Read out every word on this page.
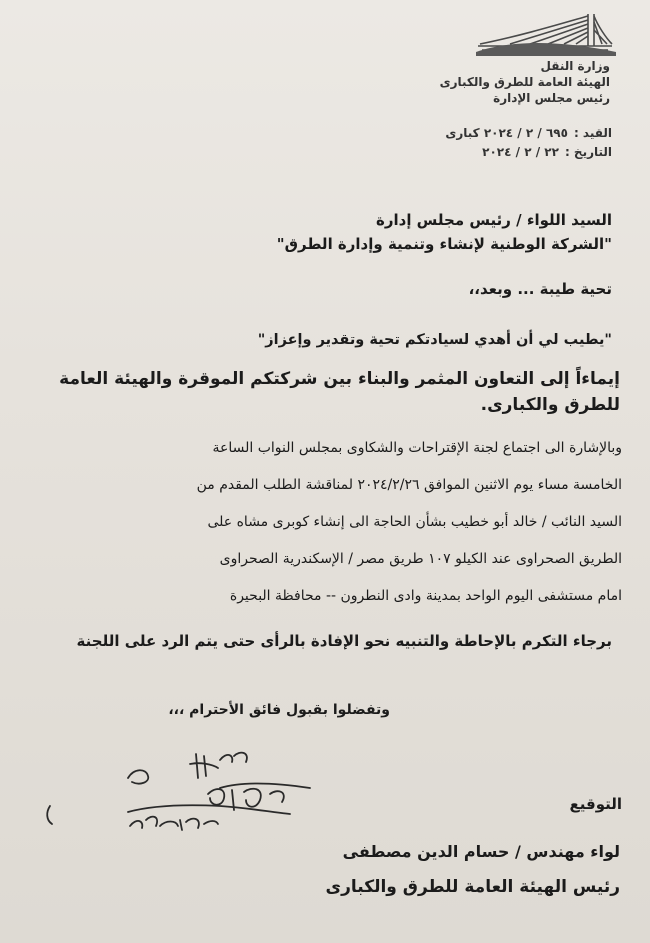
وزارة النقل
الهيئة العامة للطرق والكبارى
رئيس مجلس الإدارة
القيد :
٦٩٥ / ٢ / ٢٠٢٤ كبارى
التاريخ :
٢٢ / ٢ / ٢٠٢٤
السيد اللواء / رئيس مجلس إدارة
"الشركة الوطنية لإنشاء وتنمية وإدارة الطرق"
تحية طيبة ... وبعد،،
"يطيب لي أن أهدي لسيادتكم تحية وتقدير وإعزاز"
إيماءاً إلى التعاون المثمر والبناء بين شركتكم الموقرة والهيئة العامة للطرق والكبارى.
وبالإشارة الى اجتماع لجنة الإقتراحات والشكاوى بمجلس النواب الساعة
الخامسة مساء يوم الاثنين الموافق ٢٠٢٤/٢/٢٦ لمناقشة الطلب المقدم من
السيد النائب / خالد أبو خطيب بشأن الحاجة الى إنشاء كوبرى مشاه على
الطريق الصحراوى عند الكيلو ١٠٧ طريق مصر / الإسكندرية الصحراوى
امام مستشفى اليوم الواحد بمدينة وادى النطرون -- محافظة البحيرة
برجاء التكرم بالإحاطة والتنبيه نحو الإفادة بالرأى حتى يتم الرد على اللجنة
وتفضلوا بقبول فائق الأحترام ،،،
التوقيع
لواء مهندس / حسام الدين مصطفى
رئيس الهيئة العامة للطرق والكبارى
